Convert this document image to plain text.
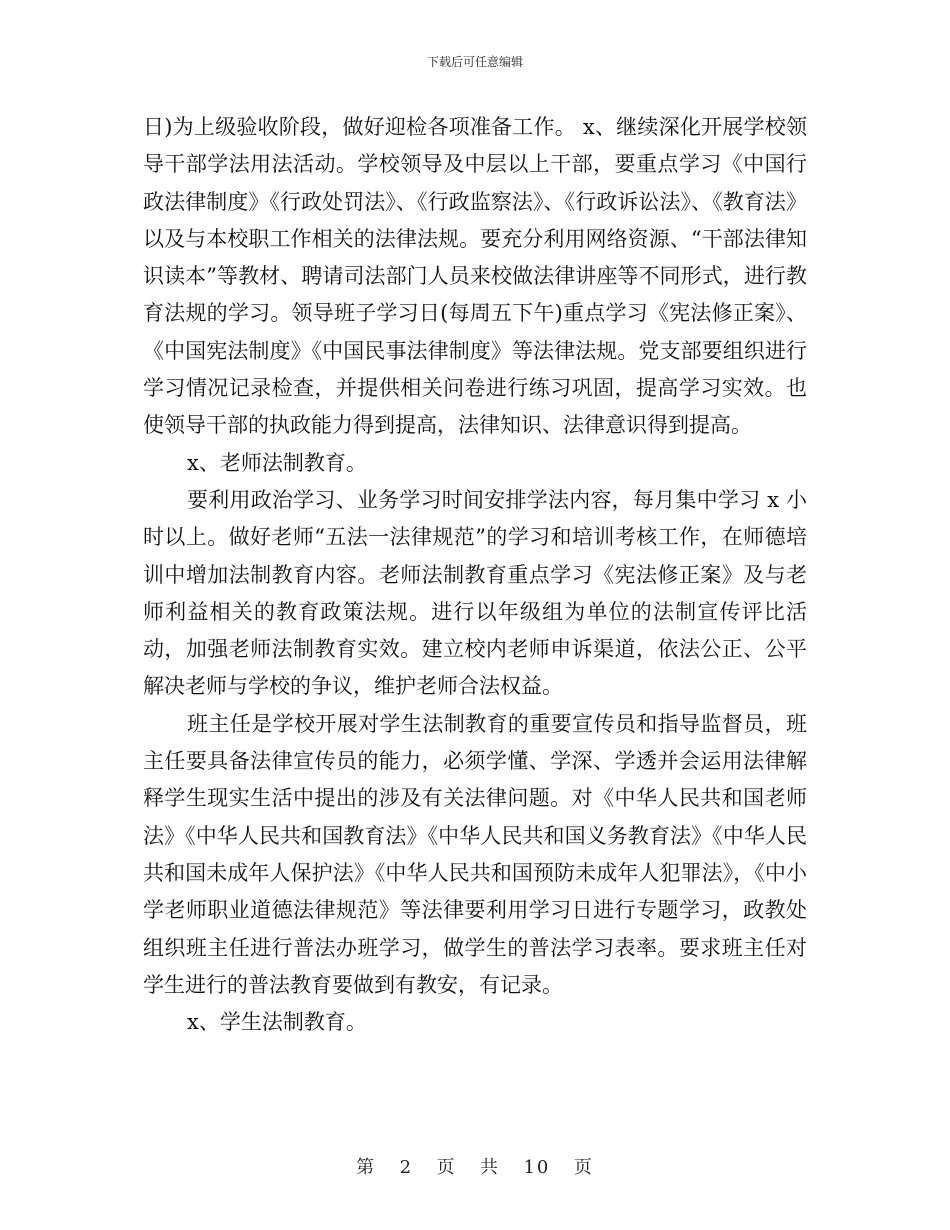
下载后可任意编辑

日)为上级验收阶段，做好迎检各项准备工作。 x、继续深化开展学校领导干部学法用法活动。学校领导及中层以上干部，要重点学习《中国行政法律制度》《行政处罚法》、《行政监察法》、《行政诉讼法》、《教育法》以及与本校职工作相关的法律法规。要充分利用网络资源、“干部法律知识读本”等教材、聘请司法部门人员来校做法律讲座等不同形式，进行教育法规的学习。领导班子学习日(每周五下午)重点学习《宪法修正案》、《中国宪法制度》《中国民事法律制度》等法律法规。党支部要组织进行学习情况记录检查，并提供相关问卷进行练习巩固，提高学习实效。也使领导干部的执政能力得到提高，法律知识、法律意识得到提高。

x、老师法制教育。

要利用政治学习、业务学习时间安排学法内容，每月集中学习 x 小时以上。做好老师“五法一法律规范”的学习和培训考核工作，在师德培训中增加法制教育内容。老师法制教育重点学习《宪法修正案》及与老师利益相关的教育政策法规。进行以年级组为单位的法制宣传评比活动，加强老师法制教育实效。建立校内老师申诉渠道，依法公正、公平解决老师与学校的争议，维护老师合法权益。

班主任是学校开展对学生法制教育的重要宣传员和指导监督员，班主任要具备法律宣传员的能力，必须学懂、学深、学透并会运用法律解释学生现实生活中提出的涉及有关法律问题。对《中华人民共和国老师法》《中华人民共和国教育法》《中华人民共和国义务教育法》《中华人民共和国未成年人保护法》《中华人民共和国预防未成年人犯罪法》，《中小学老师职业道德法律规范》等法律要利用学习日进行专题学习，政教处组织班主任进行普法办班学习，做学生的普法学习表率。要求班主任对学生进行的普法教育要做到有教安，有记录。

x、学生法制教育。

第 2 页 共 10 页
